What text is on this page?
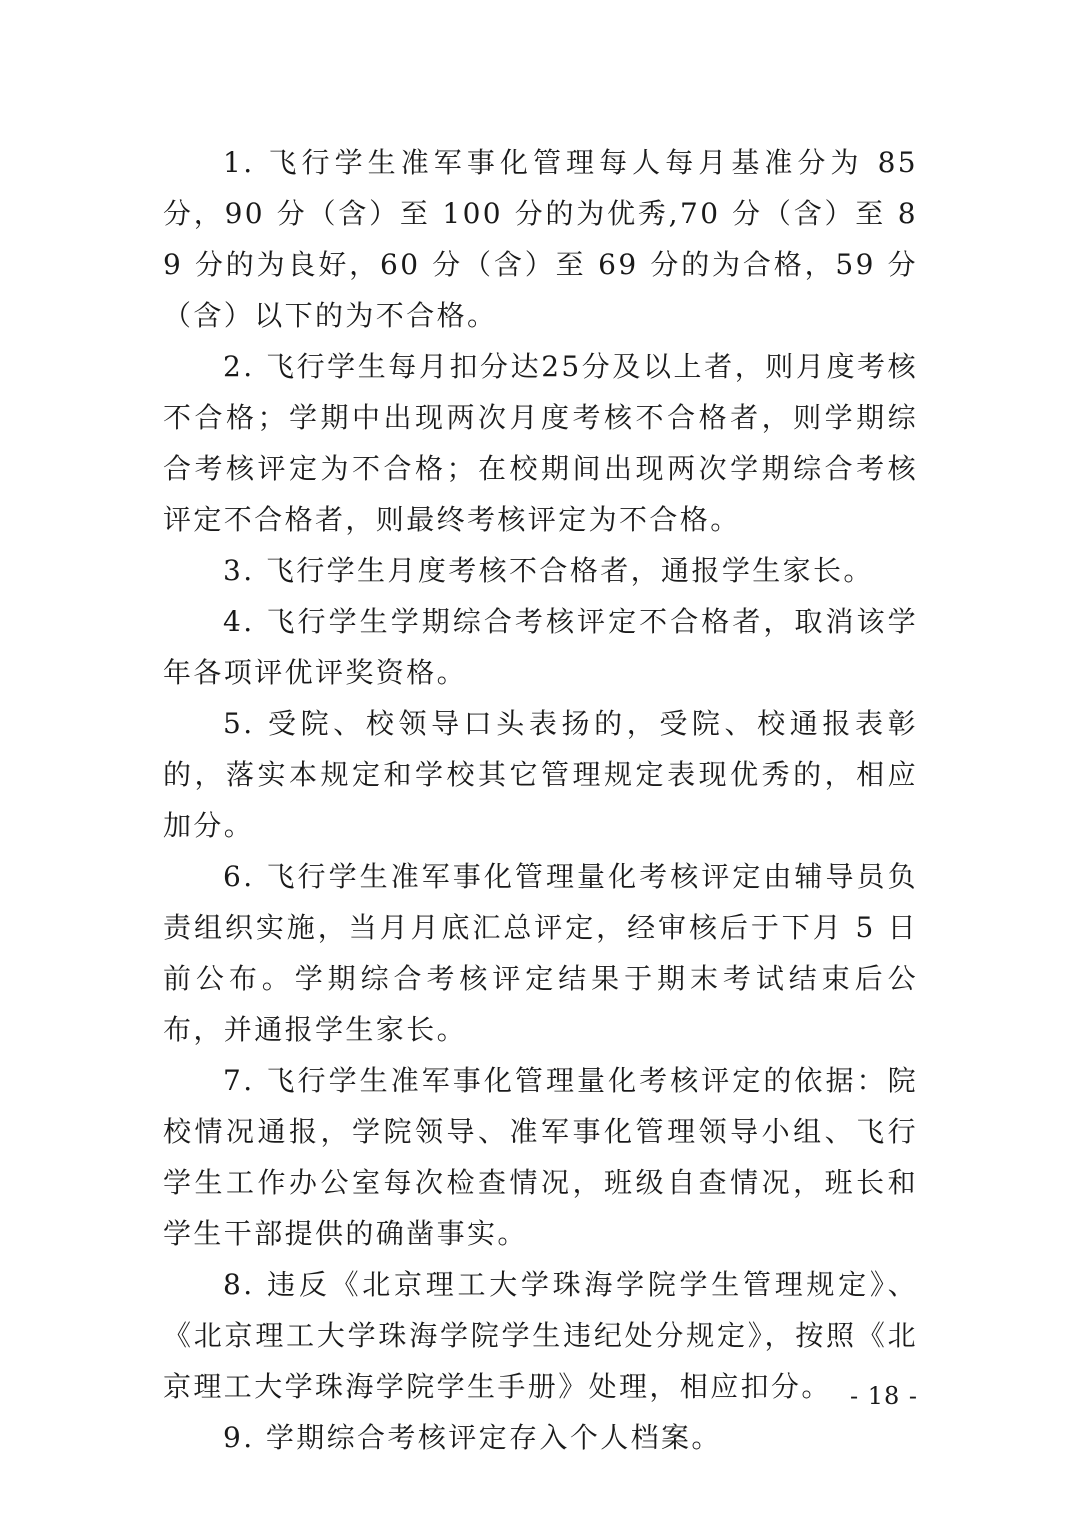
1. 飞行学生准军事化管理每人每月基准分为 85 分，90 分（含）至 100 分的为优秀,70 分（含）至 89 分的为良好，60 分（含）至 69 分的为合格，59 分（含）以下的为不合格。

2. 飞行学生每月扣分达25分及以上者，则月度考核不合格；学期中出现两次月度考核不合格者，则学期综合考核评定为不合格；在校期间出现两次学期综合考核评定不合格者，则最终考核评定为不合格。

3. 飞行学生月度考核不合格者，通报学生家长。

4. 飞行学生学期综合考核评定不合格者，取消该学年各项评优评奖资格。

5. 受院、校领导口头表扬的，受院、校通报表彰的，落实本规定和学校其它管理规定表现优秀的，相应加分。

6. 飞行学生准军事化管理量化考核评定由辅导员负责组织实施，当月月底汇总评定，经审核后于下月 5 日前公布。学期综合考核评定结果于期末考试结束后公布，并通报学生家长。

7. 飞行学生准军事化管理量化考核评定的依据：院校情况通报，学院领导、准军事化管理领导小组、飞行学生工作办公室每次检查情况，班级自查情况，班长和学生干部提供的确凿事实。

8. 违反《北京理工大学珠海学院学生管理规定》、《北京理工大学珠海学院学生违纪处分规定》，按照《北京理工大学珠海学院学生手册》处理，相应扣分。

9. 学期综合考核评定存入个人档案。

- 18 -
